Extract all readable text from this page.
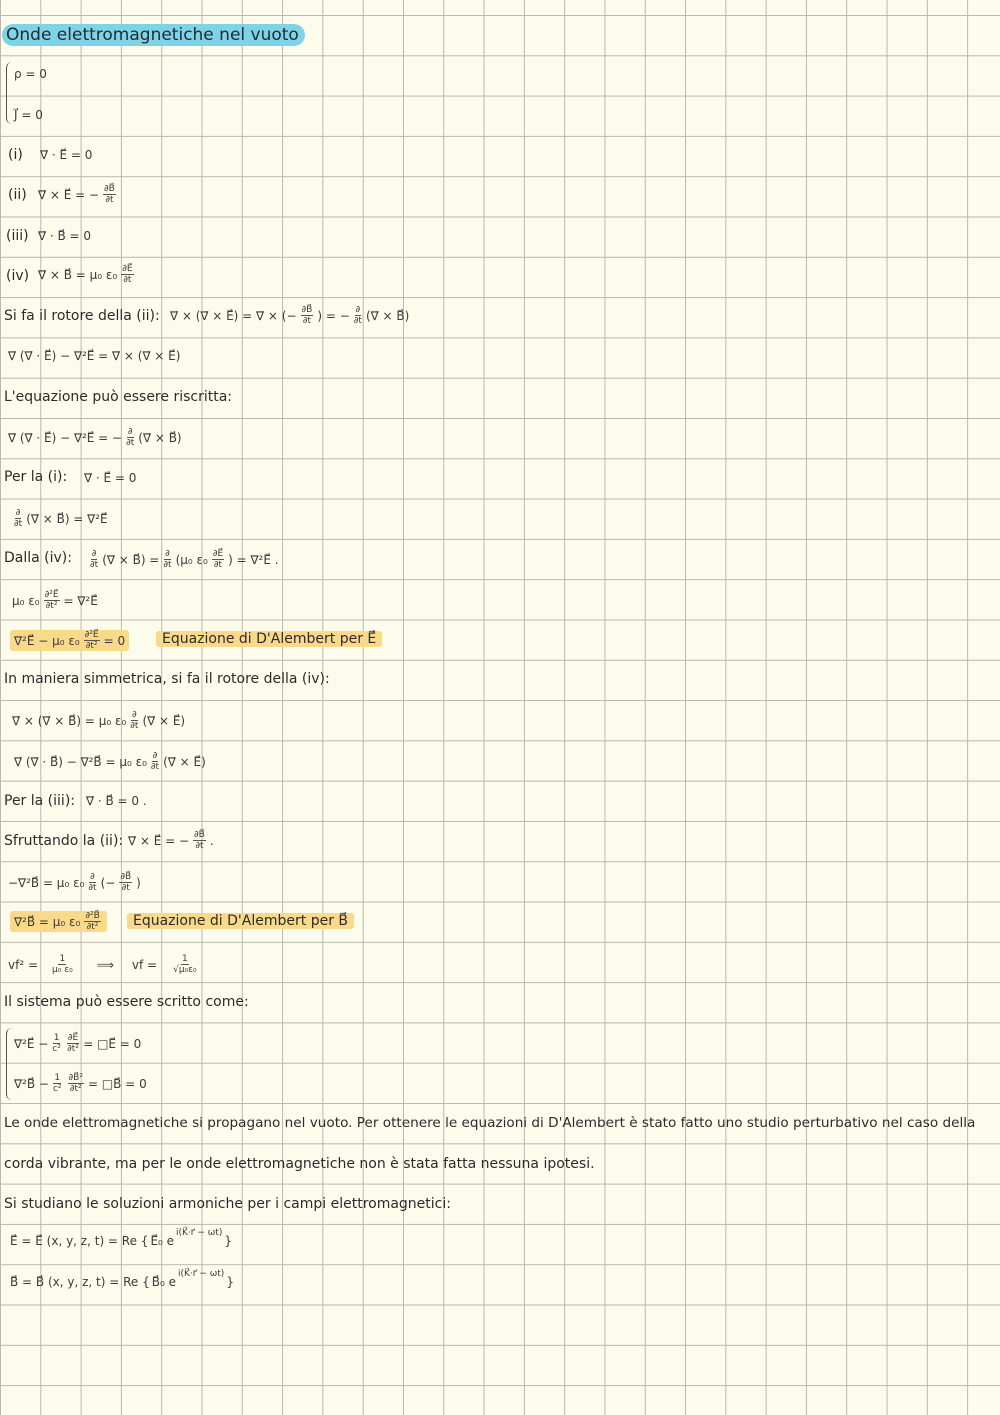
Onde elettromagnetiche nel vuoto
ρ = 0
J⃗ = 0
(i) ∇⃗ · E⃗ = 0
(ii) ∇⃗ × E⃗ = − $\frac{\partial B⃗}{\partial t}$
(iii) ∇⃗ · B⃗ = 0
(iv) ∇⃗ × B⃗ = μ₀ $\varepsilon_0 \frac{\partial E⃗}{\partial t}$
Si fa il rotore della (ii): ∇⃗ × (∇⃗ × E⃗) = ∇⃗ × (− $\frac{\partial B⃗}{\partial t}$ ) = − $\frac{\partial}{\partial t}$ (∇⃗ × B⃗)
∇⃗ (∇⃗ · E⃗) − ∇²E⃗ = ∇⃗ × (∇⃗ × E⃗)
L'equazione può essere riscritta:
∇⃗ (∇⃗ · E⃗) − ∇²E⃗ = − $\frac{\partial}{\partial t}$ (∇⃗ × B⃗)
Per la (i): ∇⃗ · E⃗ = 0
$\frac{\partial}{\partial t}$ (∇⃗ × B⃗) = ∇²E⃗
Dalla (iv): $\frac{\partial}{\partial t}$ (∇⃗ × B⃗) = $\frac{\partial}{\partial t} (\mu_0$ $\varepsilon_0 \frac{\partial E⃗}{\partial t}$ ) = ∇²E⃗ .
μ₀ $\varepsilon_0 \frac{\text{∂²E⃗}}{\text{∂t²}}$ = ∇²E⃗
∇²E⃗ − μ₀ $\varepsilon_0 \frac{\text{∂²E⃗}}{\text{∂t²}} = 0$	Equazione di D'Alembert per E⃗
In maniera simmetrica, si fa il rotore della (iv):
∇⃗ × (∇⃗ × B⃗) = μ₀ $\varepsilon_0 \frac{\partial}{\partial t}$ (∇⃗ × E⃗)
∇⃗ (∇⃗ · B⃗) − ∇²B⃗ = μ₀ $\varepsilon_0 \frac{\partial}{\partial t}$ (∇⃗ × E⃗)
Per la (iii): ∇⃗ · B⃗ = 0 .
Sfruttando la (ii): ∇⃗ × E⃗ = − $\frac{\partial B⃗}{\partial t}$ .
−∇²B⃗ = μ₀ $\varepsilon_0 \frac{\partial}{\partial t}$ (− $\frac{\partial B⃗}{\partial t}$ )
∇²B⃗ = μ₀ $\varepsilon_0 \frac{\text{∂²B⃗}}{\text{∂t²}}$	Equazione di D'Alembert per B⃗
$vf^2 = \frac{1}{\text{μ₀ ε₀}}$ ⟹ vf = $\frac{1}{\text{√μ₀ε₀}}$
Il sistema può essere scritto come:
∇²E⃗ − $\frac{1}{\text{c²}} \frac{\partial E⃗}{\text{∂t²}}$ = □E⃗ = 0
∇²B⃗ − $\frac{1}{\text{c²}} \frac{\text{∂B⃗²}}{\text{∂t²}}$ = □B⃗ = 0
Le onde elettromagnetiche si propagano nel vuoto. Per ottenere le equazioni di D'Alembert è stato fatto uno studio perturbativo nel caso della
corda vibrante, ma per le onde elettromagnetiche non è stata fatta nessuna ipotesi.
Si studiano le soluzioni armoniche per i campi elettromagnetici:
E⃗ = E⃗ (x, y, z, t) = Re { E⃗₀ e
$^{i(K⃗\cdot r⃗ - \omega t)}$
}
B⃗ = B⃗ (x, y, z, t) = Re { B⃗₀ e
$^{i(K⃗\cdot r⃗ - \omega t)}$
}
